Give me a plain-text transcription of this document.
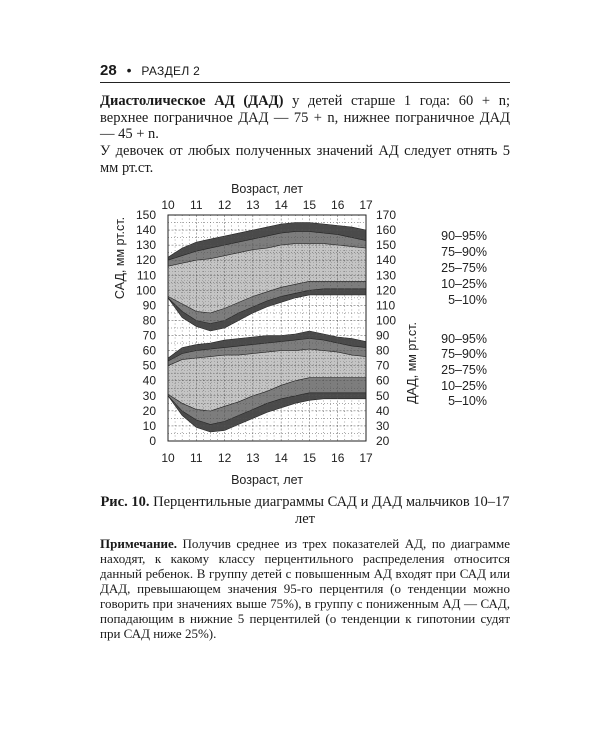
28 • РАЗДЕЛ 2

Диастолическое АД (ДАД) у детей старше 1 года: 60 + n; верхнее пограничное ДАД — 75 + n, нижнее пограничное ДАД — 45 + n.

У девочек от любых полученных значений АД следует отнять 5 мм рт.ст.

10
10
11
11
12
12
13
13
14
14
15
15
16
16
17
17
0
10
20
30
40
50
60
70
80
90
100
110
120
130
140
150
20
30
40
50
60
70
80
90
100
110
120
130
140
150
160
170
Возраст, лет
Возраст, лет
САД, мм рт.ст.
ДАД, мм рт.ст.
90–95%
75–90%
25–75%
10–25%
5–10%
90–95%
75–90%
25–75%
10–25%
5–10%

Рис. 10. Перцентильные диаграммы САД и ДАД мальчиков 10–17 лет

Примечание. Получив среднее из трех показателей АД, по диаграмме находят, к какому классу перцентильного распределения относится данный ребенок. В группу детей с повышенным АД входят при САД или ДАД, превышающем значения 95-го перцентиля (о тенденции можно говорить при значениях выше 75%), в группу с пониженным АД — САД, попадающим в нижние 5 перцентилей (о тенденции к гипотонии судят при САД ниже 25%).
